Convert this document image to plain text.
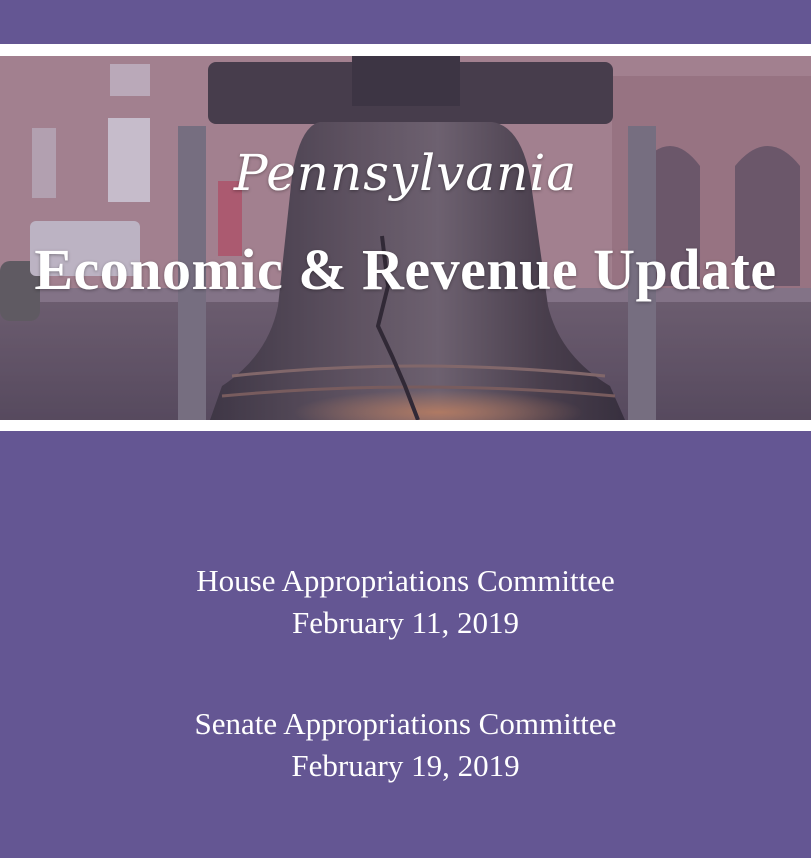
Pennsylvania
Economic & Revenue Update
House Appropriations Committee
February 11, 2019
Senate Appropriations Committee
February 19, 2019
